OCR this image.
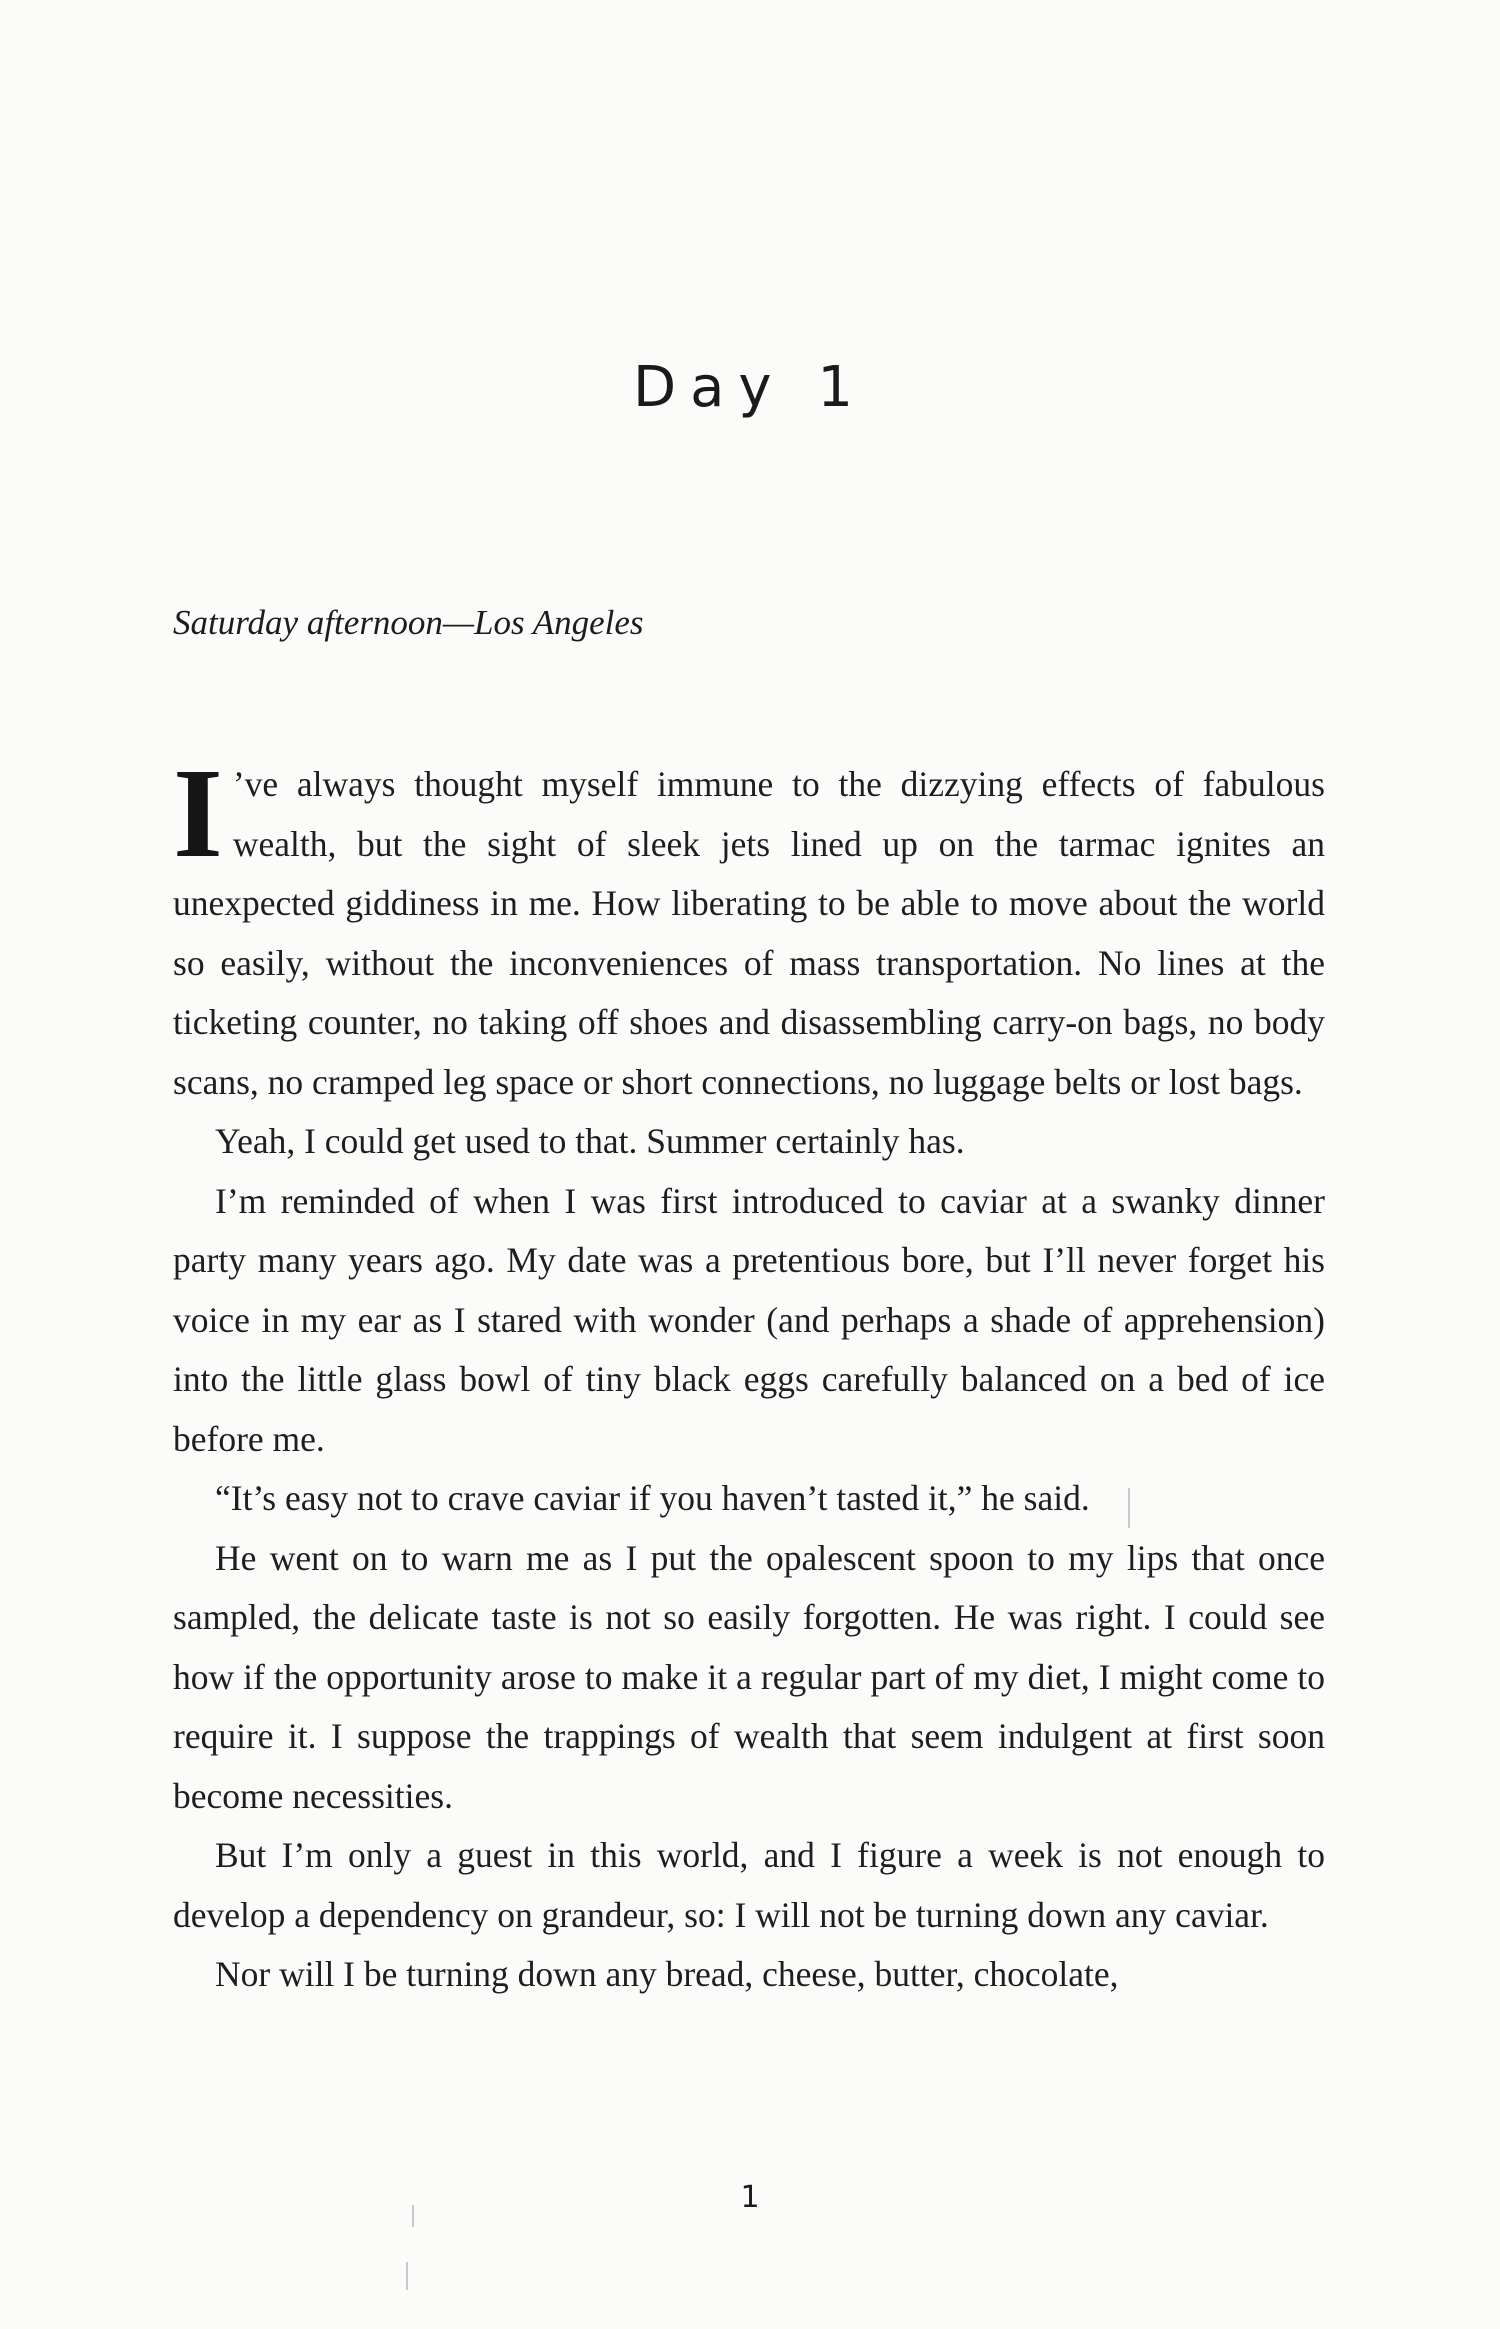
Day 1

Saturday afternoon—Los Angeles

I ’ve always thought myself immune to the dizzying effects of fabulous wealth, but the sight of sleek jets lined up on the tarmac ignites an unexpected giddiness in me. How liberating to be able to move about the world so easily, without the inconveniences of mass transportation. No lines at the ticketing counter, no taking off shoes and disassembling carry-on bags, no body scans, no cramped leg space or short connections, no luggage belts or lost bags.

Yeah, I could get used to that. Summer certainly has.

I’m reminded of when I was first introduced to caviar at a swanky dinner party many years ago. My date was a pretentious bore, but I’ll never forget his voice in my ear as I stared with wonder (and perhaps a shade of apprehension) into the little glass bowl of tiny black eggs carefully balanced on a bed of ice before me.

“It’s easy not to crave caviar if you haven’t tasted it,” he said.

He went on to warn me as I put the opalescent spoon to my lips that once sampled, the delicate taste is not so easily forgotten. He was right. I could see how if the opportunity arose to make it a regular part of my diet, I might come to require it. I suppose the trappings of wealth that seem indulgent at first soon become necessities.

But I’m only a guest in this world, and I figure a week is not enough to develop a dependency on grandeur, so: I will not be turning down any caviar.

Nor will I be turning down any bread, cheese, butter, chocolate,

1
